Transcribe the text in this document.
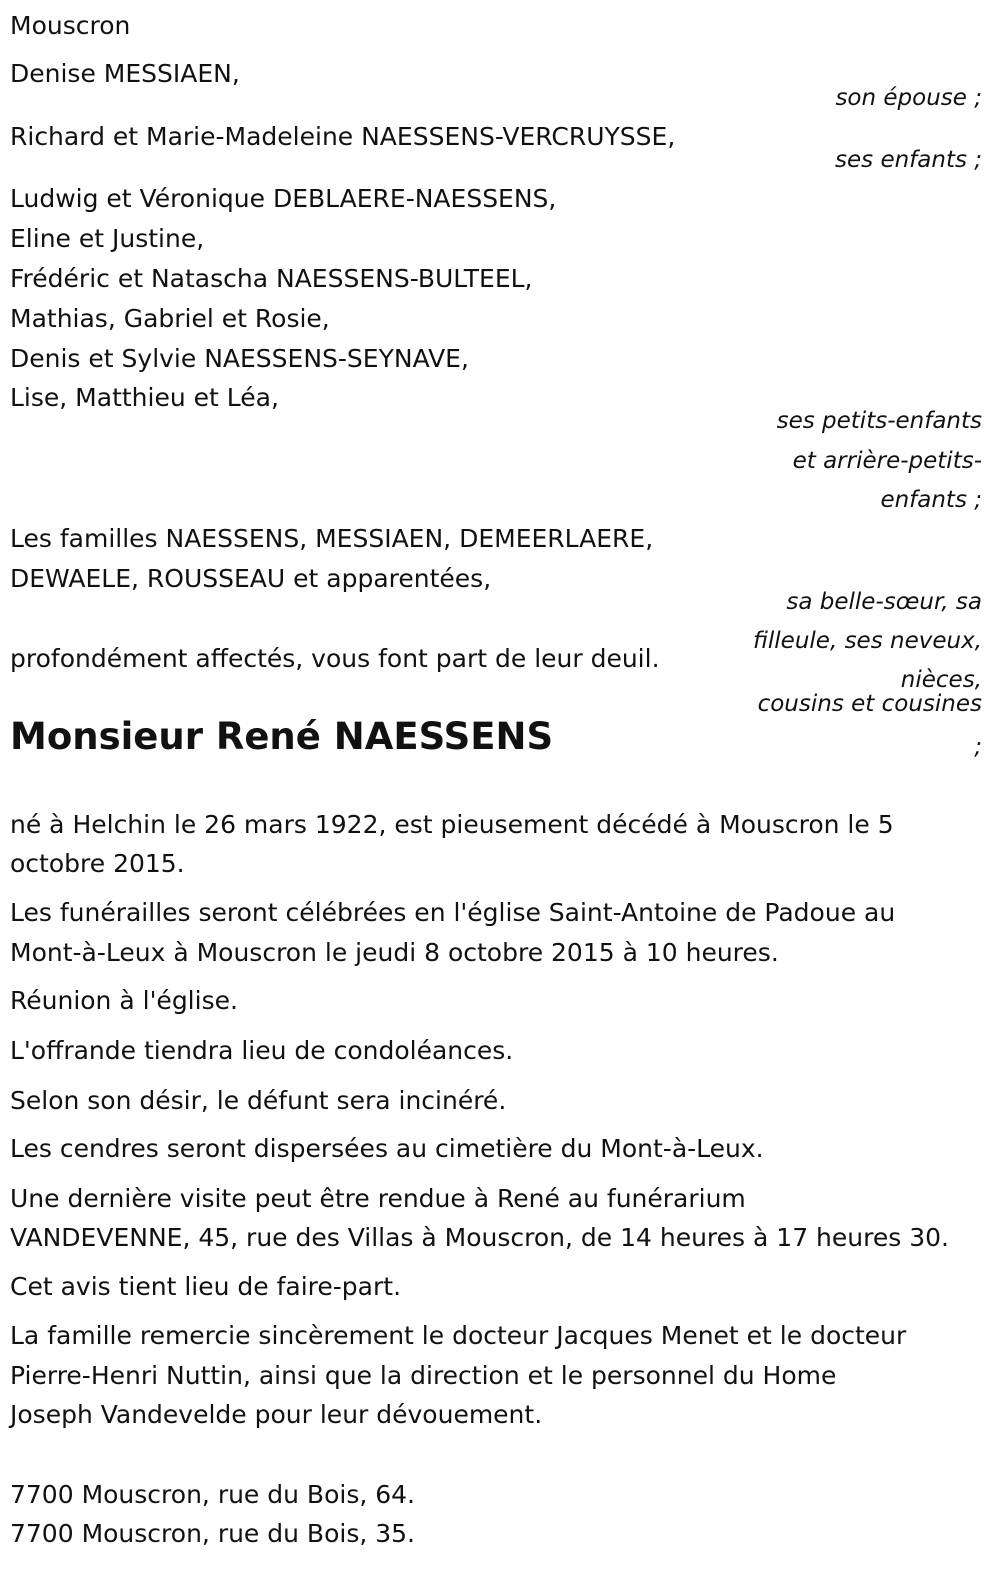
Mouscron
Denise MESSIAEN,
son épouse ;
Richard et Marie-Madeleine NAESSENS-VERCRUYSSE,
ses enfants ;
Ludwig et Véronique DEBLAERE-NAESSENS,
Eline et Justine,
Frédéric et Natascha NAESSENS-BULTEEL,
Mathias, Gabriel et Rosie,
Denis et Sylvie NAESSENS-SEYNAVE,
Lise, Matthieu et Léa,
ses petits-enfants
et arrière-petits-
enfants ;
Les familles NAESSENS, MESSIAEN, DEMEERLAERE,
DEWAELE, ROUSSEAU et apparentées,
sa belle-sœur, sa
filleule, ses neveux,
nièces,
cousins et cousines
;
profondément affectés, vous font part de leur deuil.
Monsieur René NAESSENS
né à Helchin le 26 mars 1922, est pieusement décédé à Mouscron le 5
octobre 2015.
Les funérailles seront célébrées en l'église Saint-Antoine de Padoue au
Mont-à-Leux à Mouscron le jeudi 8 octobre 2015 à 10 heures.
Réunion à l'église.
L'offrande tiendra lieu de condoléances.
Selon son désir, le défunt sera incinéré.
Les cendres seront dispersées au cimetière du Mont-à-Leux.
Une dernière visite peut être rendue à René au funérarium
VANDEVENNE, 45, rue des Villas à Mouscron, de 14 heures à 17 heures 30.
Cet avis tient lieu de faire-part.
La famille remercie sincèrement le docteur Jacques Menet et le docteur
Pierre-Henri Nuttin, ainsi que la direction et le personnel du Home
Joseph Vandevelde pour leur dévouement.
7700 Mouscron, rue du Bois, 64.
7700 Mouscron, rue du Bois, 35.
